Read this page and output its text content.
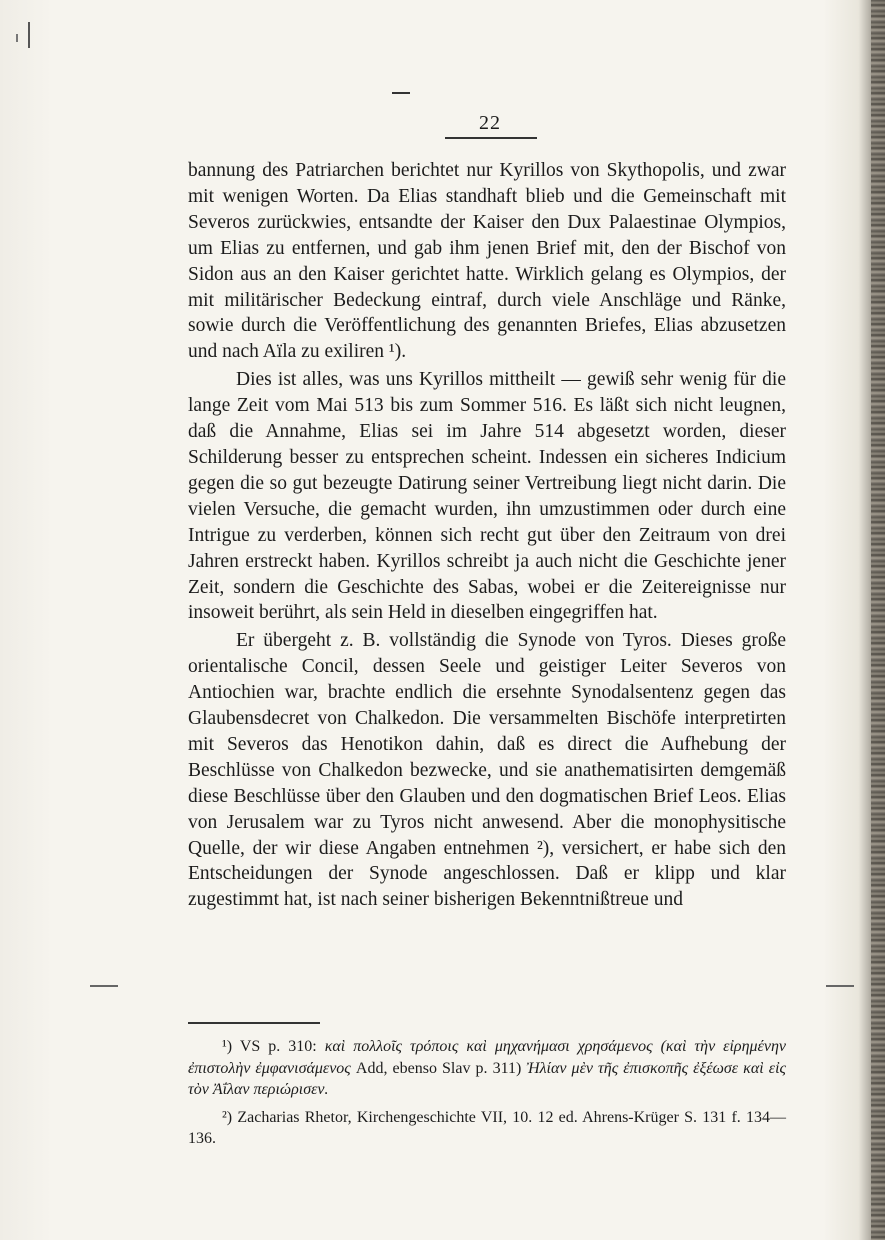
22

bannung des Patriarchen berichtet nur Kyrillos von Skythopolis, und zwar mit wenigen Worten. Da Elias standhaft blieb und die Gemeinschaft mit Severos zurückwies, entsandte der Kaiser den Dux Palaestinae Olympios, um Elias zu entfernen, und gab ihm jenen Brief mit, den der Bischof von Sidon aus an den Kaiser gerichtet hatte. Wirklich gelang es Olympios, der mit militärischer Bedeckung eintraf, durch viele Anschläge und Ränke, sowie durch die Veröffentlichung des genannten Briefes, Elias abzusetzen und nach Aïla zu exiliren ¹).

Dies ist alles, was uns Kyrillos mittheilt — gewiß sehr wenig für die lange Zeit vom Mai 513 bis zum Sommer 516. Es läßt sich nicht leugnen, daß die Annahme, Elias sei im Jahre 514 abgesetzt worden, dieser Schilderung besser zu entsprechen scheint. Indessen ein sicheres Indicium gegen die so gut bezeugte Datirung seiner Vertreibung liegt nicht darin. Die vielen Versuche, die gemacht wurden, ihn umzustimmen oder durch eine Intrigue zu verderben, können sich recht gut über den Zeitraum von drei Jahren erstreckt haben. Kyrillos schreibt ja auch nicht die Geschichte jener Zeit, sondern die Geschichte des Sabas, wobei er die Zeitereignisse nur insoweit berührt, als sein Held in dieselben eingegriffen hat.

Er übergeht z. B. vollständig die Synode von Tyros. Dieses große orientalische Concil, dessen Seele und geistiger Leiter Severos von Antiochien war, brachte endlich die ersehnte Synodalsentenz gegen das Glaubensdecret von Chalkedon. Die versammelten Bischöfe interpretirten mit Severos das Henotikon dahin, daß es direct die Aufhebung der Beschlüsse von Chalkedon bezwecke, und sie anathematisirten demgemäß diese Beschlüsse über den Glauben und den dogmatischen Brief Leos. Elias von Jerusalem war zu Tyros nicht anwesend. Aber die monophysitische Quelle, der wir diese Angaben entnehmen ²), versichert, er habe sich den Entscheidungen der Synode angeschlossen. Daß er klipp und klar zugestimmt hat, ist nach seiner bisherigen Bekenntnißtreue und

¹) VS p. 310: καὶ πολλοῖς τρόποις καὶ μηχανήμασι χρησάμενος (καὶ τὴν εἰρημένην ἐπιστολὴν ἐμφανισάμενος Add, ebenso Slav p. 311) Ἠλίαν μὲν τῆς ἐπισκοπῆς ἐξέωσε καὶ εἰς τὸν Ἀΐλαν περιώρισεν.

²) Zacharias Rhetor, Kirchengeschichte VII, 10. 12 ed. Ahrens-Krüger S. 131 f. 134—136.
